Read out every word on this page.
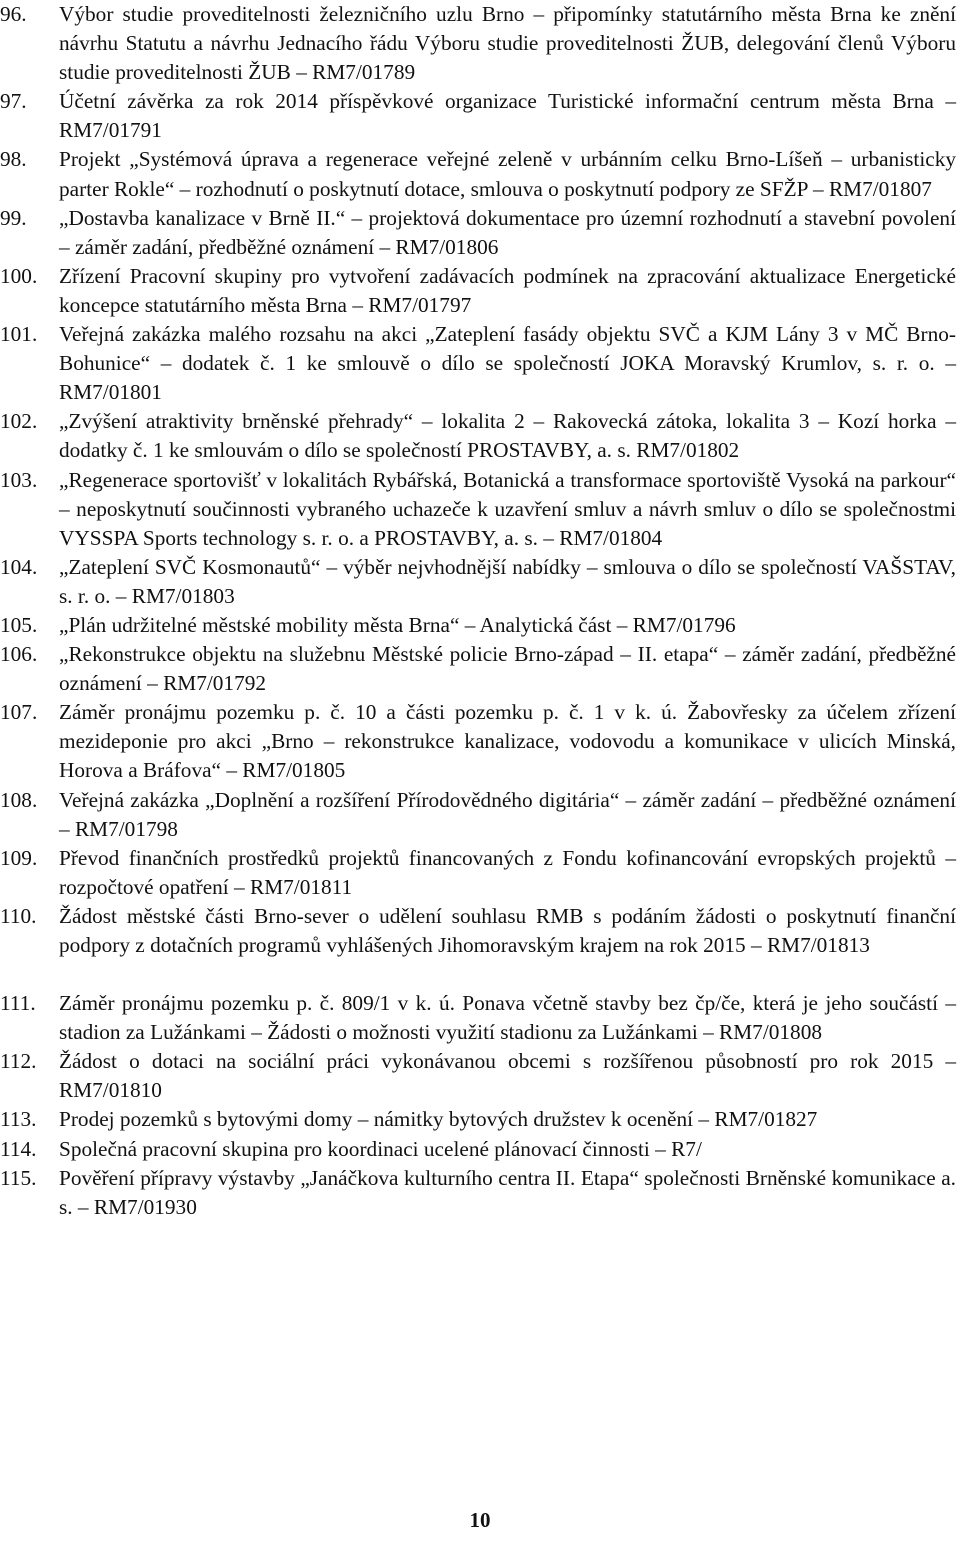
96. Výbor studie proveditelnosti železničního uzlu Brno – připomínky statutárního města Brna ke znění návrhu Statutu a návrhu Jednacího řádu Výboru studie proveditelnosti ŽUB, delegování členů Výboru studie proveditelnosti ŽUB – RM7/01789
97. Účetní závěrka za rok 2014 příspěvkové organizace Turistické informační centrum města Brna – RM7/01791
98. Projekt „Systémová úprava a regenerace veřejné zeleně v urbánním celku Brno-Líšeň – urbanisticky parter Rokle“ – rozhodnutí o poskytnutí dotace, smlouva o poskytnutí podpory ze SFŽP – RM7/01807
99. „Dostavba kanalizace v Brně II.“ – projektová dokumentace pro územní rozhodnutí a stavební povolení – záměr zadání, předběžné oznámení – RM7/01806
100. Zřízení Pracovní skupiny pro vytvoření zadávacích podmínek na zpracování aktualizace Energetické koncepce statutárního města Brna – RM7/01797
101. Veřejná zakázka malého rozsahu na akci „Zateplení fasády objektu SVČ a KJM Lány 3 v MČ Brno-Bohunice“ – dodatek č. 1 ke smlouvě o dílo se společností JOKA Moravský Krumlov, s. r. o. – RM7/01801
102. „Zvýšení atraktivity brněnské přehrady“ – lokalita 2 – Rakovecká zátoka, lokalita 3 – Kozí horka – dodatky č. 1 ke smlouvám o dílo se společností PROSTAVBY, a. s. RM7/01802
103. „Regenerace sportovišť v lokalitách Rybářská, Botanická a transformace sportoviště Vysoká na parkour“ – neposkytnutí součinnosti vybraného uchazeče k uzavření smluv a návrh smluv o dílo se společnostmi VYSSPA Sports technology s. r. o. a PROSTAVBY, a. s. – RM7/01804
104. „Zateplení SVČ Kosmonautů“ – výběr nejvhodnější nabídky – smlouva o dílo se společností VAŠSTAV, s. r. o. – RM7/01803
105. „Plán udržitelné městské mobility města Brna“ – Analytická část – RM7/01796
106. „Rekonstrukce objektu na služebnu Městské policie Brno-západ – II. etapa“ – záměr zadání, předběžné oznámení – RM7/01792
107. Záměr pronájmu pozemku p. č. 10 a části pozemku p. č. 1 v k. ú. Žabovřesky za účelem zřízení mezideponie pro akci „Brno – rekonstrukce kanalizace, vodovodu a komunikace v ulicích Minská, Horova a Bráfova“ – RM7/01805
108. Veřejná zakázka „Doplnění a rozšíření Přírodovědného digitária“ – záměr zadání – předběžné oznámení – RM7/01798
109. Převod finančních prostředků projektů financovaných z Fondu kofinancování evropských projektů – rozpočtové opatření – RM7/01811
110. Žádost městské části Brno-sever o udělení souhlasu RMB s podáním žádosti o poskytnutí finanční podpory z dotačních programů vyhlášených Jihomoravským krajem na rok 2015 – RM7/01813
111. Záměr pronájmu pozemku p. č. 809/1 v k. ú. Ponava včetně stavby bez čp/če, která je jeho součástí – stadion za Lužánkami – Žádosti o možnosti využití stadionu za Lužánkami – RM7/01808
112. Žádost o dotaci na sociální práci vykonávanou obcemi s rozšířenou působností pro rok 2015 – RM7/01810
113. Prodej pozemků s bytovými domy – námitky bytových družstev k ocenění – RM7/01827
114. Společná pracovní skupina pro koordinaci ucelené plánovací činnosti – R7/
115. Pověření přípravy výstavby „Janáčkova kulturního centra II. Etapa“ společnosti Brněnské komunikace a. s. – RM7/01930
10
